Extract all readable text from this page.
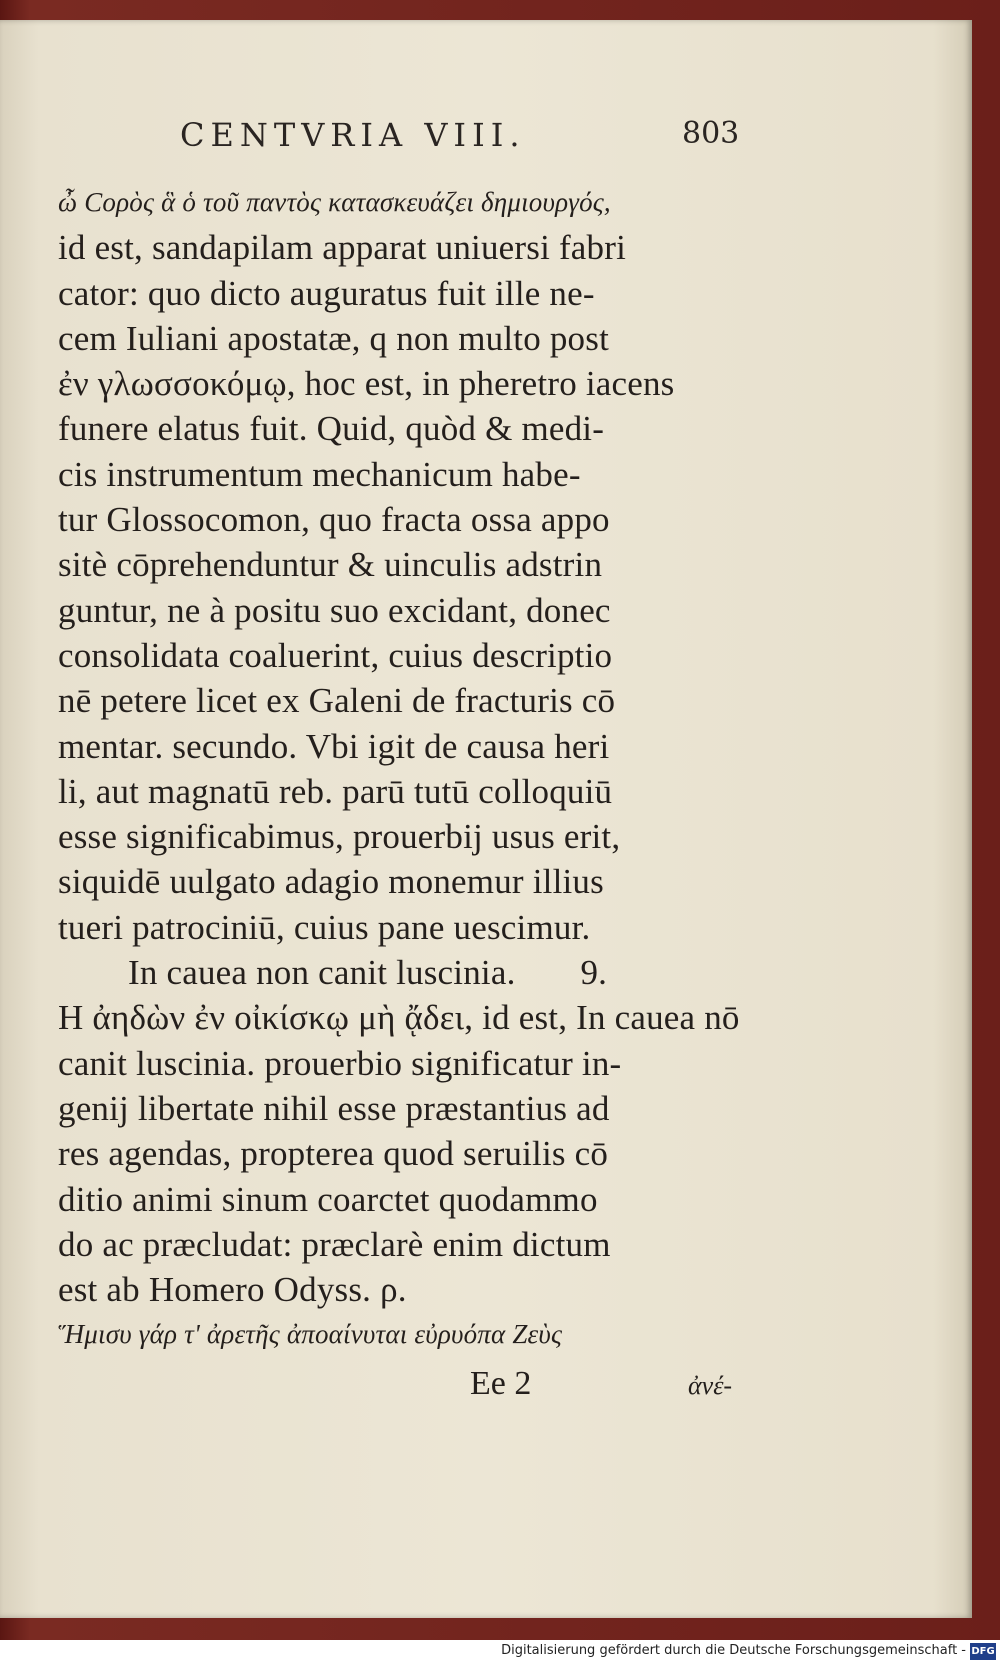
CENTVRIA VIII.	803
ὦ Ϲορὸς ἃ ὁ τοῦ παντὸς κατασκευάζει δημιουργός,
id est, sandapilam apparat uniuersi fabri
cator: quo dicto auguratus fuit ille ne-
cem Iuliani apostatæ, q non multo post
ἐν γλωσσοκόμῳ, hoc est, in pheretro iacens
funere elatus fuit. Quid, quòd & medi-
cis instrumentum mechanicum habe-
tur Glossocomon, quo fracta ossa appo
sitè cōprehenduntur & uinculis adstrin
guntur, ne à positu suo excidant, donec
consolidata coaluerint, cuius descriptio
nē petere licet ex Galeni de fracturis cō
mentar. secundo. Vbi igit de causa heri
li, aut magnatū reb. parū tutū colloquiū
esse significabimus, prouerbij usus erit,
siquidē uulgato adagio monemur illius
tueri patrociniū, cuius pane uescimur.
In cauea non canit luscinia. 9.
Η ἀηδὼν ἐν οἰκίσκῳ μὴ ᾄδει, id est, In cauea nō
canit luscinia. prouerbio significatur in-
genij libertate nihil esse præstantius ad
res agendas, propterea quod seruilis cō
ditio animi sinum coarctet quodammo
do ac præcludat: præclarè enim dictum
est ab Homero Odyss. ρ.
Ἥμισυ γάρ τ' ἀρετῆς ἀποαίνυται εὐρυόπα Ζεὺς
Ee 2	ἀνέ-
Digitalisierung gefördert durch die Deutsche Forschungsgemeinschaft - DFG
